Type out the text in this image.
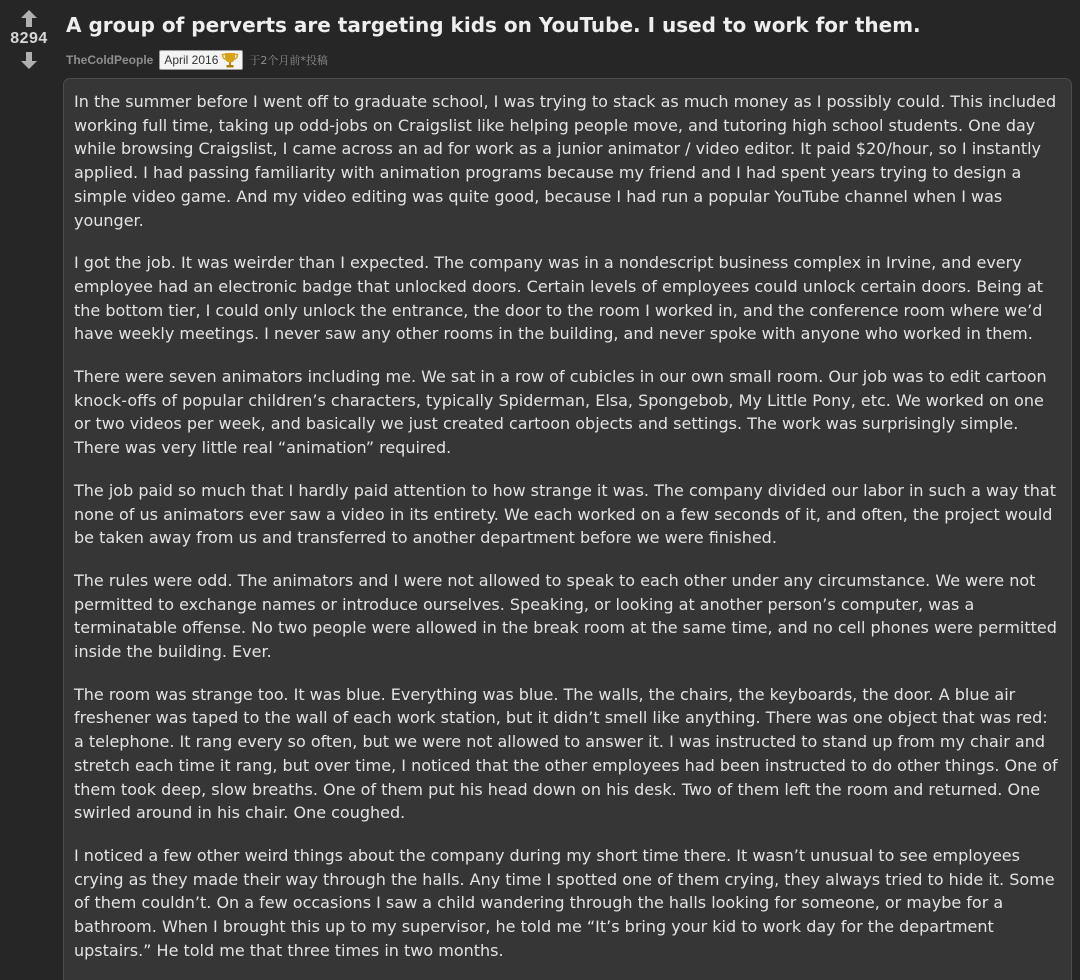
8294

A group of perverts are targeting kids on YouTube. I used to work for them.
TheColdPeople April 2016	于2个月前*投稿

In the summer before I went off to graduate school, I was trying to stack as much money as I possibly could. This included working full time, taking up odd-jobs on Craigslist like helping people move, and tutoring high school students. One day while browsing Craigslist, I came across an ad for work as a junior animator / video editor. It paid $20/hour, so I instantly applied. I had passing familiarity with animation programs because my friend and I had spent years trying to design a simple video game. And my video editing was quite good, because I had run a popular YouTube channel when I was younger.

I got the job. It was weirder than I expected. The company was in a nondescript business complex in Irvine, and every employee had an electronic badge that unlocked doors. Certain levels of employees could unlock certain doors. Being at the bottom tier, I could only unlock the entrance, the door to the room I worked in, and the conference room where we’d have weekly meetings. I never saw any other rooms in the building, and never spoke with anyone who worked in them.

There were seven animators including me. We sat in a row of cubicles in our own small room. Our job was to edit cartoon knock-offs of popular children’s characters, typically Spiderman, Elsa, Spongebob, My Little Pony, etc. We worked on one or two videos per week, and basically we just created cartoon objects and settings. The work was surprisingly simple. There was very little real “animation” required.

The job paid so much that I hardly paid attention to how strange it was. The company divided our labor in such a way that none of us animators ever saw a video in its entirety. We each worked on a few seconds of it, and often, the project would be taken away from us and transferred to another department before we were finished.

The rules were odd. The animators and I were not allowed to speak to each other under any circumstance. We were not permitted to exchange names or introduce ourselves. Speaking, or looking at another person’s computer, was a terminatable offense. No two people were allowed in the break room at the same time, and no cell phones were permitted inside the building. Ever.

The room was strange too. It was blue. Everything was blue. The walls, the chairs, the keyboards, the door. A blue air freshener was taped to the wall of each work station, but it didn’t smell like anything. There was one object that was red: a telephone. It rang every so often, but we were not allowed to answer it. I was instructed to stand up from my chair and stretch each time it rang, but over time, I noticed that the other employees had been instructed to do other things. One of them took deep, slow breaths. One of them put his head down on his desk. Two of them left the room and returned. One swirled around in his chair. One coughed.

I noticed a few other weird things about the company during my short time there. It wasn’t unusual to see employees crying as they made their way through the halls. Any time I spotted one of them crying, they always tried to hide it. Some of them couldn’t. On a few occasions I saw a child wandering through the halls looking for someone, or maybe for a bathroom. When I brought this up to my supervisor, he told me “It’s bring your kid to work day for the department upstairs.” He told me that three times in two months.
